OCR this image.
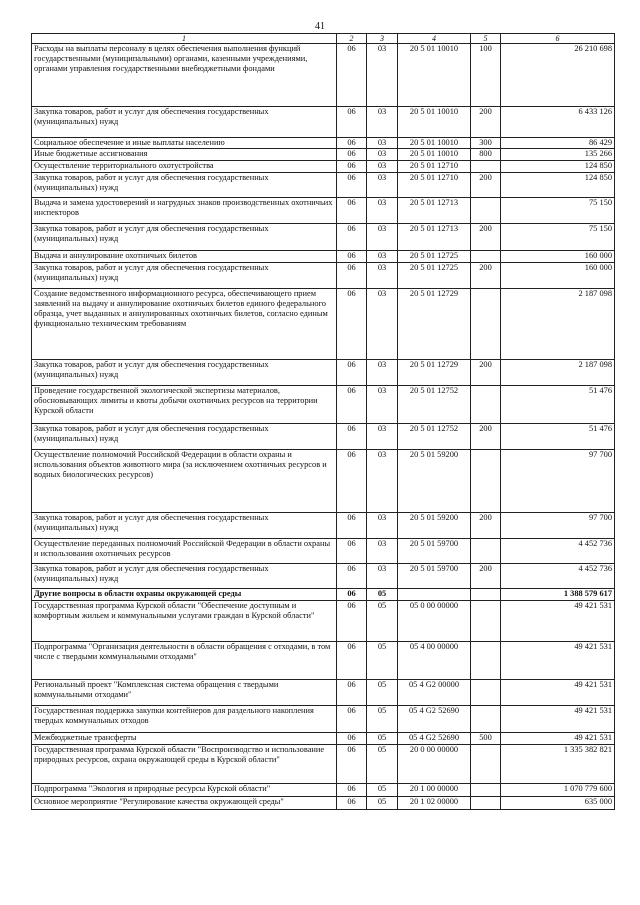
41
1	2	3	4	5	6
Расходы на выплаты персоналу в целях обеспечения выполнения функций государственными (муниципальными) органами, казенными учреждениями, органами управления государственными внебюджетными фондами	06	03	20 5 01 10010	100	26 210 698
Закупка товаров, работ и услуг для обеспечения государственных (муниципальных) нужд	06	03	20 5 01 10010	200	6 433 126
Социальное обеспечение и иные выплаты населению	06	03	20 5 01 10010	300	86 429
Иные бюджетные ассигнования	06	03	20 5 01 10010	800	135 266
Осуществление территориального охотустройства	06	03	20 5 01 12710		124 850
Закупка товаров, работ и услуг для обеспечения государственных (муниципальных) нужд	06	03	20 5 01 12710	200	124 850
Выдача и замена удостоверений и нагрудных знаков производственных охотничьих инспекторов	06	03	20 5 01 12713		75 150
Закупка товаров, работ и услуг для обеспечения государственных (муниципальных) нужд	06	03	20 5 01 12713	200	75 150
Выдача и аннулирование охотничьих билетов	06	03	20 5 01 12725		160 000
Закупка товаров, работ и услуг для обеспечения государственных (муниципальных) нужд	06	03	20 5 01 12725	200	160 000
Создание ведомственного информационного ресурса, обеспечивающего прием заявлений на выдачу и аннулирование охотничьих билетов единого федерального образца, учет выданных и аннулированных охотничьих билетов, согласно единым функционально техническим требованиям	06	03	20 5 01 12729		2 187 098
Закупка товаров, работ и услуг для обеспечения государственных (муниципальных) нужд	06	03	20 5 01 12729	200	2 187 098
Проведение государственной экологической экспертизы материалов, обосновывающих лимиты и квоты добычи охотничьих ресурсов на территории Курской области	06	03	20 5 01 12752		51 476
Закупка товаров, работ и услуг для обеспечения государственных (муниципальных) нужд	06	03	20 5 01 12752	200	51 476
Осуществление полномочий Российской Федерации в области охраны и использования объектов животного мира (за исключением охотничьих ресурсов и водных биологических ресурсов)	06	03	20 5 01 59200		97 700
Закупка товаров, работ и услуг для обеспечения государственных (муниципальных) нужд	06	03	20 5 01 59200	200	97 700
Осуществление переданных полномочий Российской Федерации в области охраны и использования охотничьих ресурсов	06	03	20 5 01 59700		4 452 736
Закупка товаров, работ и услуг для обеспечения государственных (муниципальных) нужд	06	03	20 5 01 59700	200	4 452 736
Другие вопросы в области охраны окружающей среды	06	05			1 388 579 617
Государственная программа Курской области "Обеспечение доступным и комфортным жильем и коммунальными услугами граждан в Курской области"	06	05	05 0 00 00000		49 421 531
Подпрограмма "Организация деятельности в области обращения с отходами, в том числе с твердыми коммунальными отходами"	06	05	05 4 00 00000		49 421 531
Региональный проект "Комплексная система обращения с твердыми коммунальными отходами"	06	05	05 4 G2 00000		49 421 531
Государственная поддержка закупки контейнеров для раздельного накопления твердых коммунальных отходов	06	05	05 4 G2 52690		49 421 531
Межбюджетные трансферты	06	05	05 4 G2 52690	500	49 421 531
Государственная программа Курской области "Воспроизводство и использование природных ресурсов, охрана окружающей среды в Курской области"	06	05	20 0 00 00000		1 335 382 821
Подпрограмма "Экология и природные ресурсы Курской области"	06	05	20 1 00 00000		1 070 779 600
Основное мероприятие "Регулирование качества окружающей среды"	06	05	20 1 02 00000		635 000
